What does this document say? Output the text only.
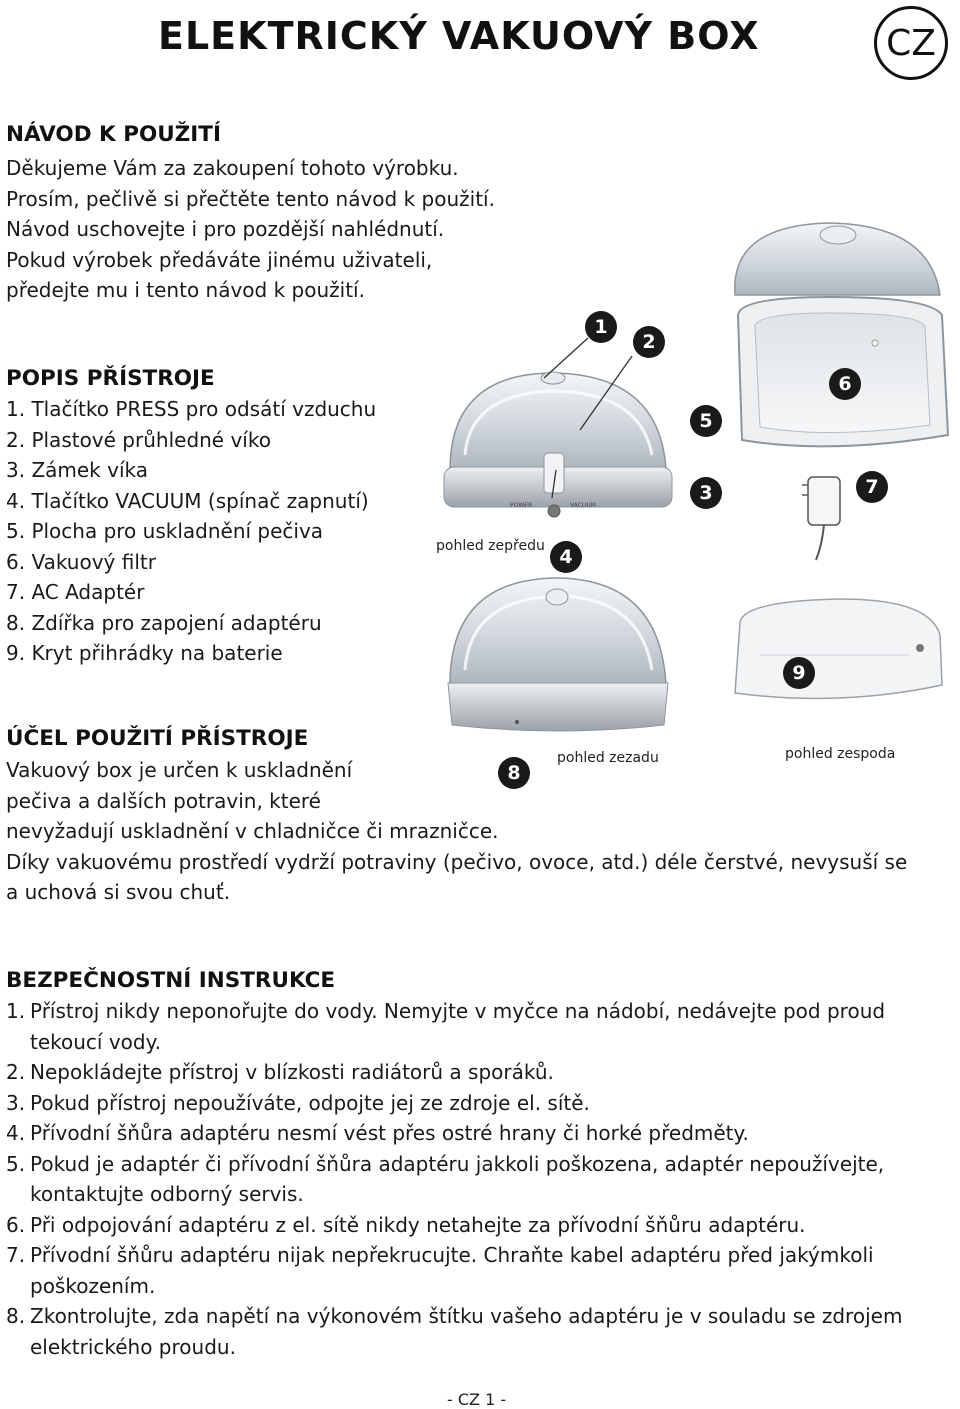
ELEKTRICKÝ VAKUOVÝ BOX	CZ
NÁVOD K POUŽITÍ
Děkujeme Vám za zakoupení tohoto výrobku.
Prosím, pečlivě si přečtěte tento návod k použití.
Návod uschovejte i pro pozdější nahlédnutí.
Pokud výrobek předáváte jinému uživateli,
předejte mu i tento návod k použití.
POPIS PŘÍSTROJE
1. Tlačítko PRESS pro odsátí vzduchu
2. Plastové průhledné víko
3. Zámek víka
4. Tlačítko VACUUM (spínač zapnutí)
5. Plocha pro uskladnění pečiva
6. Vakuový filtr
7. AC Adaptér
8. Zdířka pro zapojení adaptéru
9. Kryt přihrádky na baterie
POWER	VACUUM
pohled zepředu
pohled zezadu	pohled zespoda
1
2
3
4
5
6
7
8
9
ÚČEL POUŽITÍ PŘÍSTROJE
Vakuový box je určen k uskladnění
pečiva a dalších potravin, které
nevyžadují uskladnění v chladničce či mrazničce.
Díky vakuovému prostředí vydrží potraviny (pečivo, ovoce, atd.) déle čerstvé, nevysuší se
a uchová si svou chuť.
BEZPEČNOSTNÍ INSTRUKCE
1. Přístroj nikdy neponořujte do vody. Nemyjte v myčce na nádobí, nedávejte pod proud
tekoucí vody.
2. Nepokládejte přístroj v blízkosti radiátorů a sporáků.
3. Pokud přístroj nepoužíváte, odpojte jej ze zdroje el. sítě.
4. Přívodní šňůra adaptéru nesmí vést přes ostré hrany či horké předměty.
5. Pokud je adaptér či přívodní šňůra adaptéru jakkoli poškozena, adaptér nepoužívejte,
kontaktujte odborný servis.
6. Při odpojování adaptéru z el. sítě nikdy netahejte za přívodní šňůru adaptéru.
7. Přívodní šňůru adaptéru nijak nepřekrucujte. Chraňte kabel adaptéru před jakýmkoli
poškozením.
8. Zkontrolujte, zda napětí na výkonovém štítku vašeho adaptéru je v souladu se zdrojem
elektrického proudu.
- CZ 1 -
